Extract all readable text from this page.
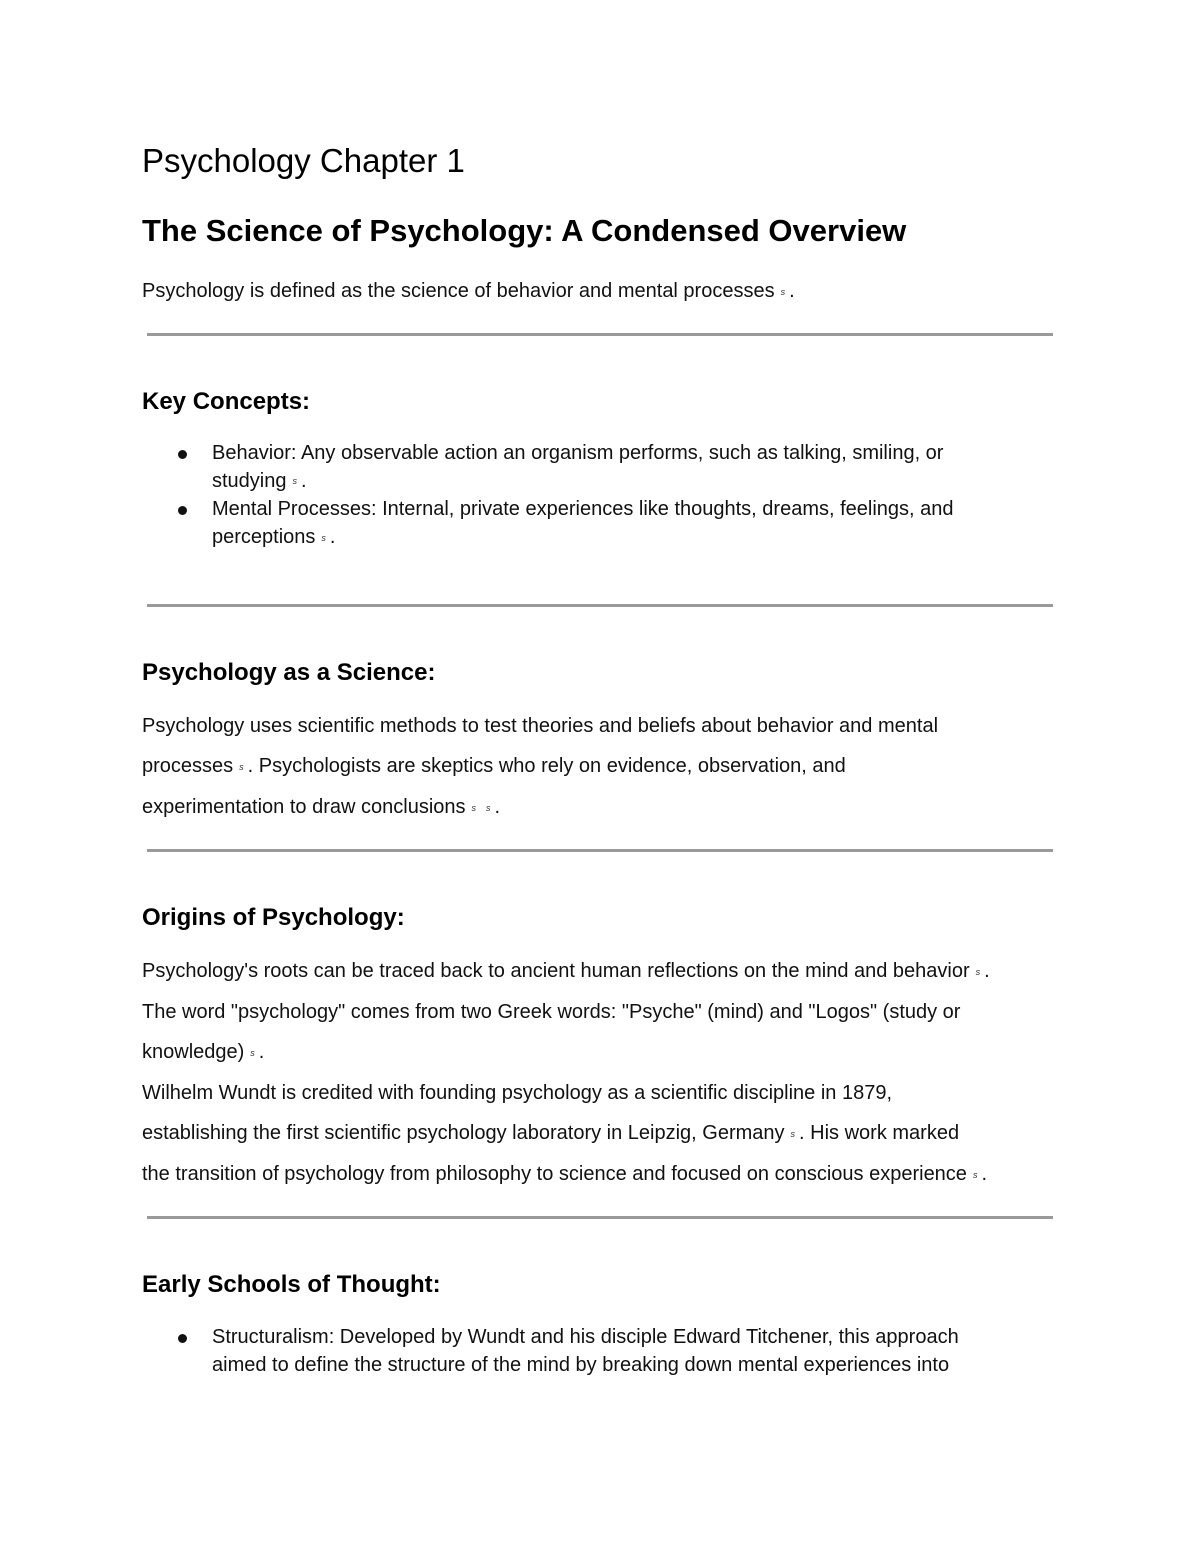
Psychology Chapter 1
The Science of Psychology: A Condensed Overview

Psychology is defined as the science of behavior and mental processes s .

Key Concepts:
Behavior: Any observable action an organism performs, such as talking, smiling, or
studying s .
Mental Processes: Internal, private experiences like thoughts, dreams, feelings, and
perceptions s .
Psychology as a Science:

Psychology uses scientific methods to test theories and beliefs about behavior and mental
processes s . Psychologists are skeptics who rely on evidence, observation, and
experimentation to draw conclusions s s .

Origins of Psychology:

Psychology's roots can be traced back to ancient human reflections on the mind and behavior s .
The word "psychology" comes from two Greek words: "Psyche" (mind) and "Logos" (study or
knowledge) s .
Wilhelm Wundt is credited with founding psychology as a scientific discipline in 1879,
establishing the first scientific psychology laboratory in Leipzig, Germany s . His work marked
the transition of psychology from philosophy to science and focused on conscious experience s .

Early Schools of Thought:
Structuralism: Developed by Wundt and his disciple Edward Titchener, this approach
aimed to define the structure of the mind by breaking down mental experiences into
